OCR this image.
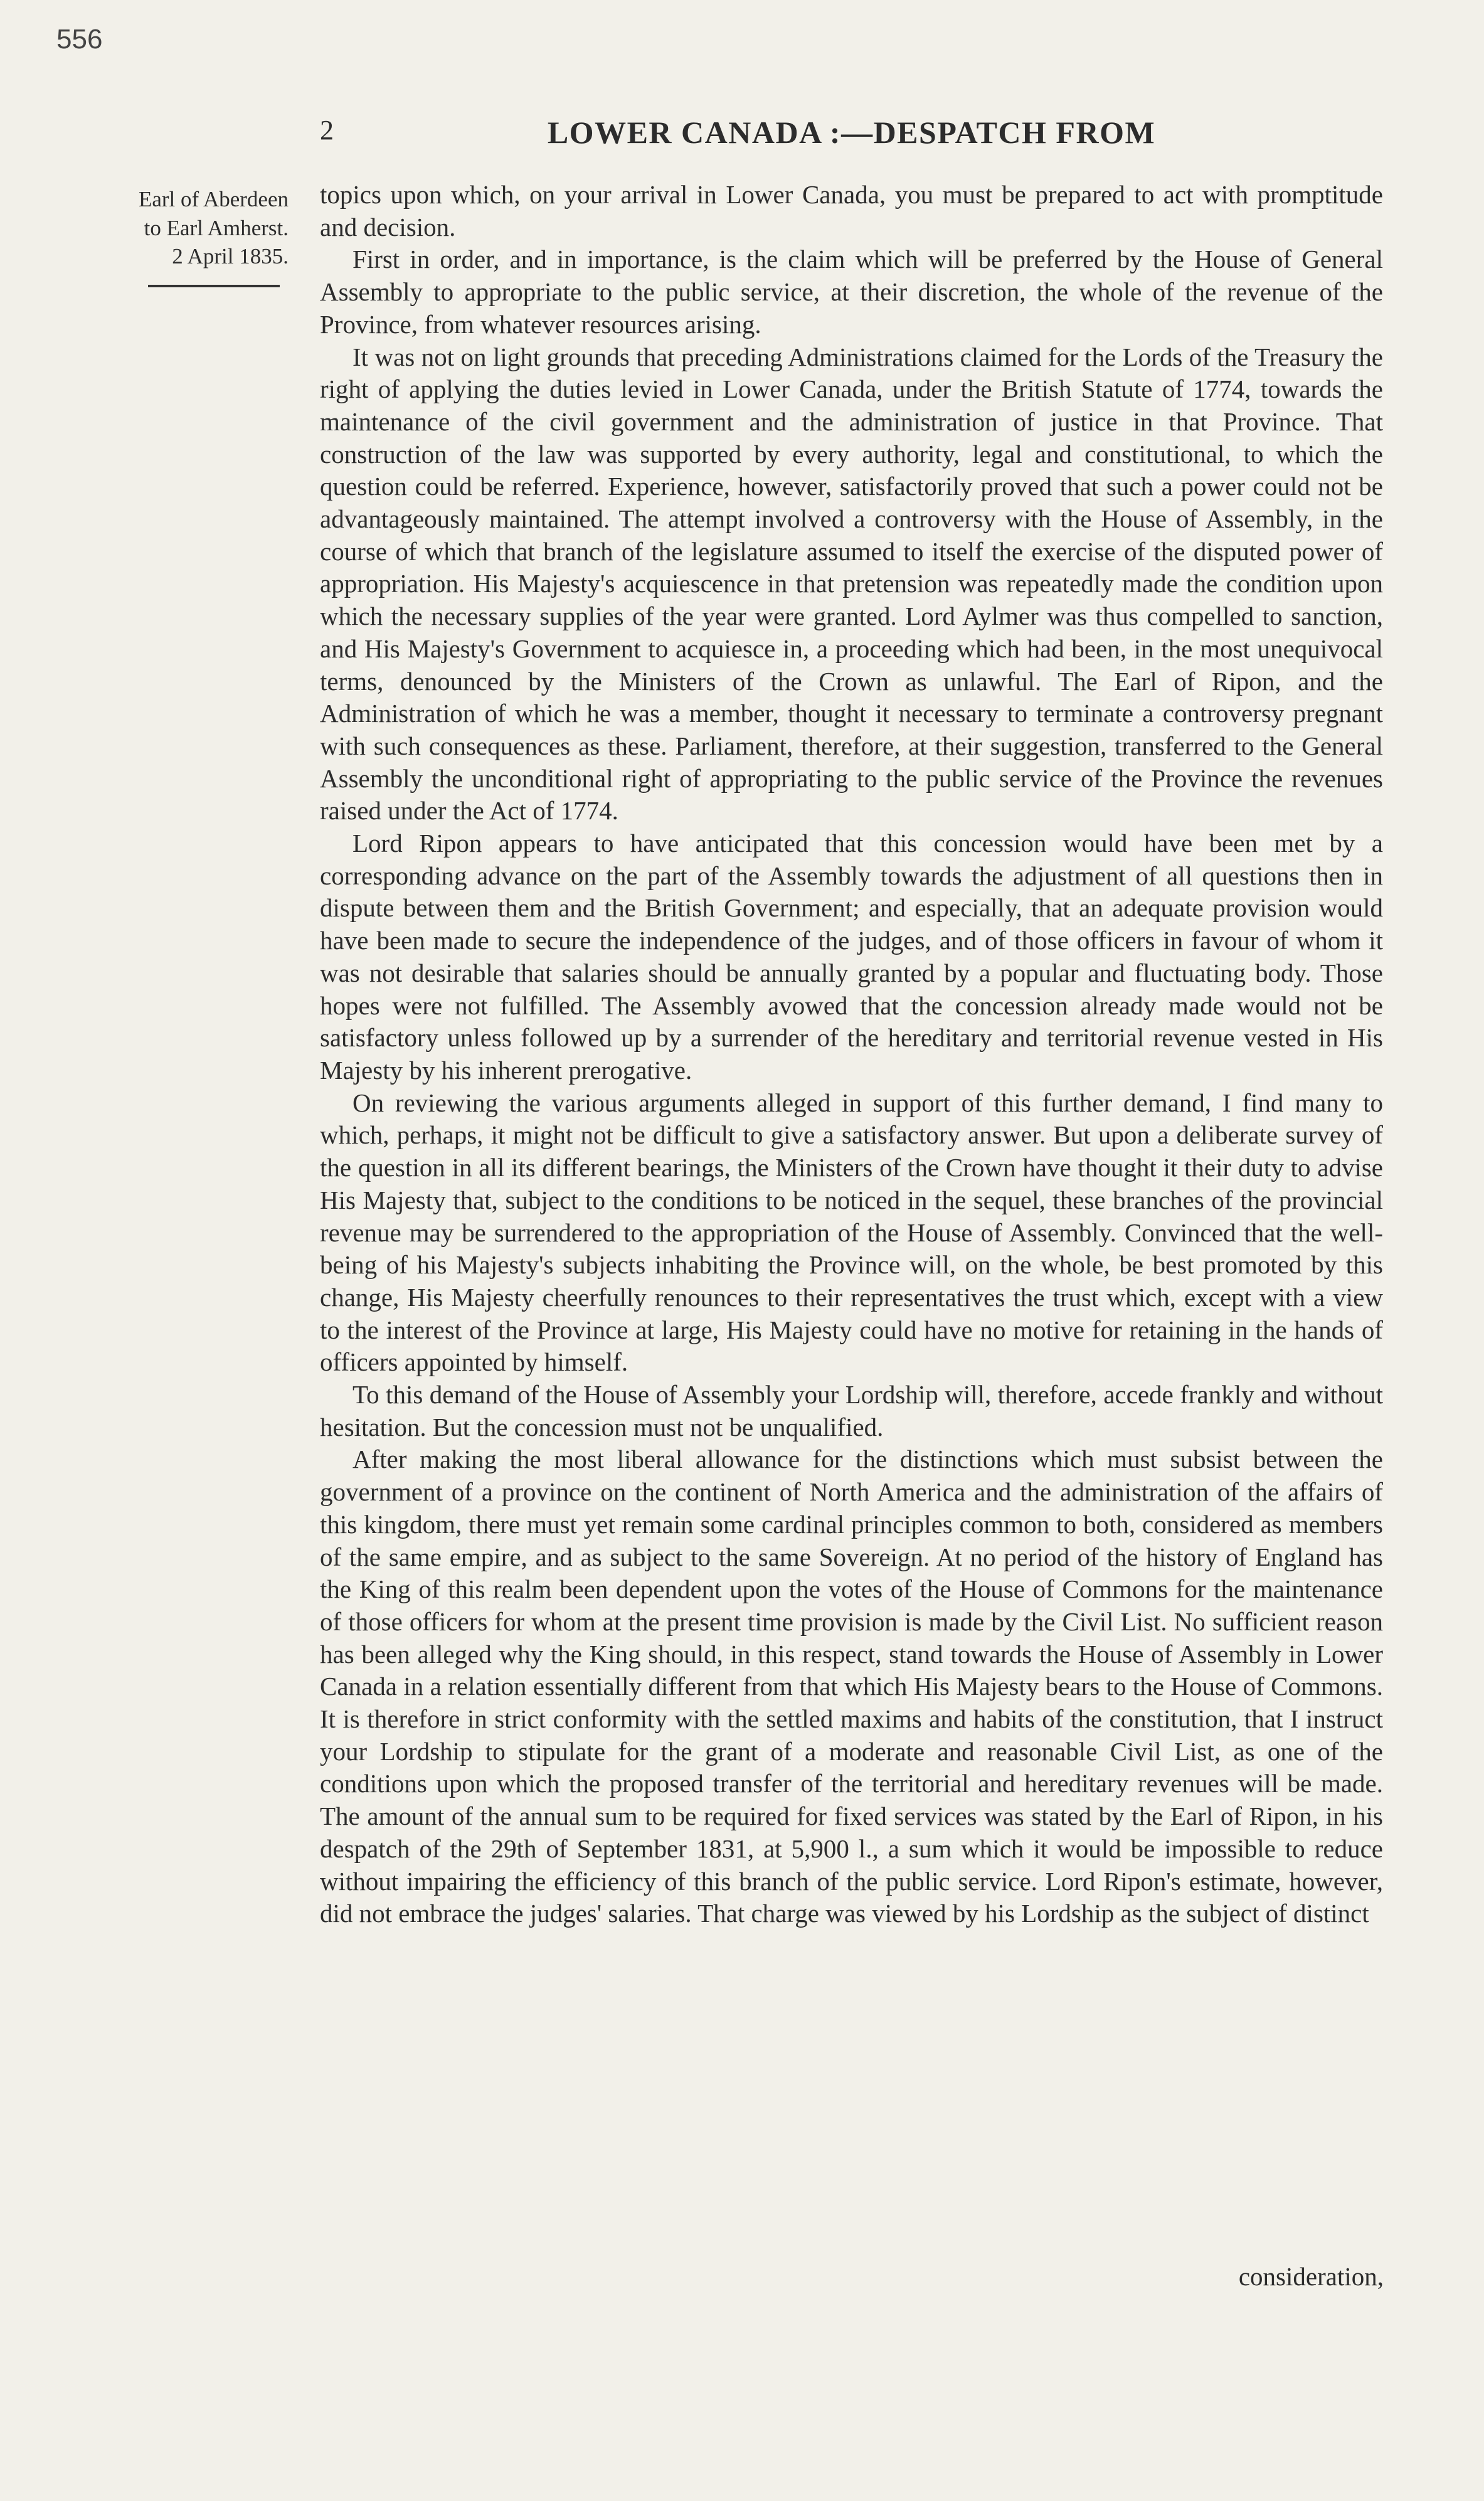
556
2	LOWER CANADA :—DESPATCH FROM
Earl of Aberdeen
to Earl Amherst.
2 April 1835.

topics upon which, on your arrival in Lower Canada, you must be prepared to act with promptitude and decision.

First in order, and in importance, is the claim which will be preferred by the House of General Assembly to appropriate to the public service, at their discretion, the whole of the revenue of the Province, from whatever resources arising.

It was not on light grounds that preceding Administrations claimed for the Lords of the Treasury the right of applying the duties levied in Lower Canada, under the British Statute of 1774, towards the maintenance of the civil government and the administration of justice in that Province. That construction of the law was supported by every authority, legal and constitutional, to which the question could be referred. Experience, however, satisfactorily proved that such a power could not be advantageously maintained. The attempt involved a controversy with the House of Assembly, in the course of which that branch of the legislature assumed to itself the exercise of the disputed power of appropriation. His Majesty's acquiescence in that pretension was repeatedly made the condition upon which the necessary supplies of the year were granted. Lord Aylmer was thus compelled to sanction, and His Majesty's Government to acquiesce in, a proceeding which had been, in the most unequivocal terms, denounced by the Ministers of the Crown as unlawful. The Earl of Ripon, and the Administration of which he was a member, thought it necessary to terminate a controversy pregnant with such consequences as these. Parliament, therefore, at their suggestion, transferred to the General Assembly the unconditional right of appropriating to the public service of the Province the revenues raised under the Act of 1774.

Lord Ripon appears to have anticipated that this concession would have been met by a corresponding advance on the part of the Assembly towards the adjustment of all questions then in dispute between them and the British Government; and especially, that an adequate provision would have been made to secure the independence of the judges, and of those officers in favour of whom it was not desirable that salaries should be annually granted by a popular and fluctuating body. Those hopes were not fulfilled. The Assembly avowed that the concession already made would not be satisfactory unless followed up by a surrender of the hereditary and territorial revenue vested in His Majesty by his inherent prerogative.

On reviewing the various arguments alleged in support of this further demand, I find many to which, perhaps, it might not be difficult to give a satisfactory answer. But upon a deliberate survey of the question in all its different bearings, the Ministers of the Crown have thought it their duty to advise His Majesty that, subject to the conditions to be noticed in the sequel, these branches of the provincial revenue may be surrendered to the appropriation of the House of Assembly. Convinced that the well-being of his Majesty's subjects inhabiting the Province will, on the whole, be best promoted by this change, His Majesty cheerfully renounces to their representatives the trust which, except with a view to the interest of the Province at large, His Majesty could have no motive for retaining in the hands of officers appointed by himself.

To this demand of the House of Assembly your Lordship will, therefore, accede frankly and without hesitation. But the concession must not be unqualified.

After making the most liberal allowance for the distinctions which must subsist between the government of a province on the continent of North America and the administration of the affairs of this kingdom, there must yet remain some cardinal principles common to both, considered as members of the same empire, and as subject to the same Sovereign. At no period of the history of England has the King of this realm been dependent upon the votes of the House of Commons for the maintenance of those officers for whom at the present time provision is made by the Civil List. No sufficient reason has been alleged why the King should, in this respect, stand towards the House of Assembly in Lower Canada in a relation essentially different from that which His Majesty bears to the House of Commons. It is therefore in strict conformity with the settled maxims and habits of the constitution, that I instruct your Lordship to stipulate for the grant of a moderate and reasonable Civil List, as one of the conditions upon which the proposed transfer of the territorial and hereditary revenues will be made. The amount of the annual sum to be required for fixed services was stated by the Earl of Ripon, in his despatch of the 29th of September 1831, at 5,900 l., a sum which it would be impossible to reduce without impairing the efficiency of this branch of the public service. Lord Ripon's estimate, however, did not embrace the judges' salaries. That charge was viewed by his Lordship as the subject of distinct

consideration,
